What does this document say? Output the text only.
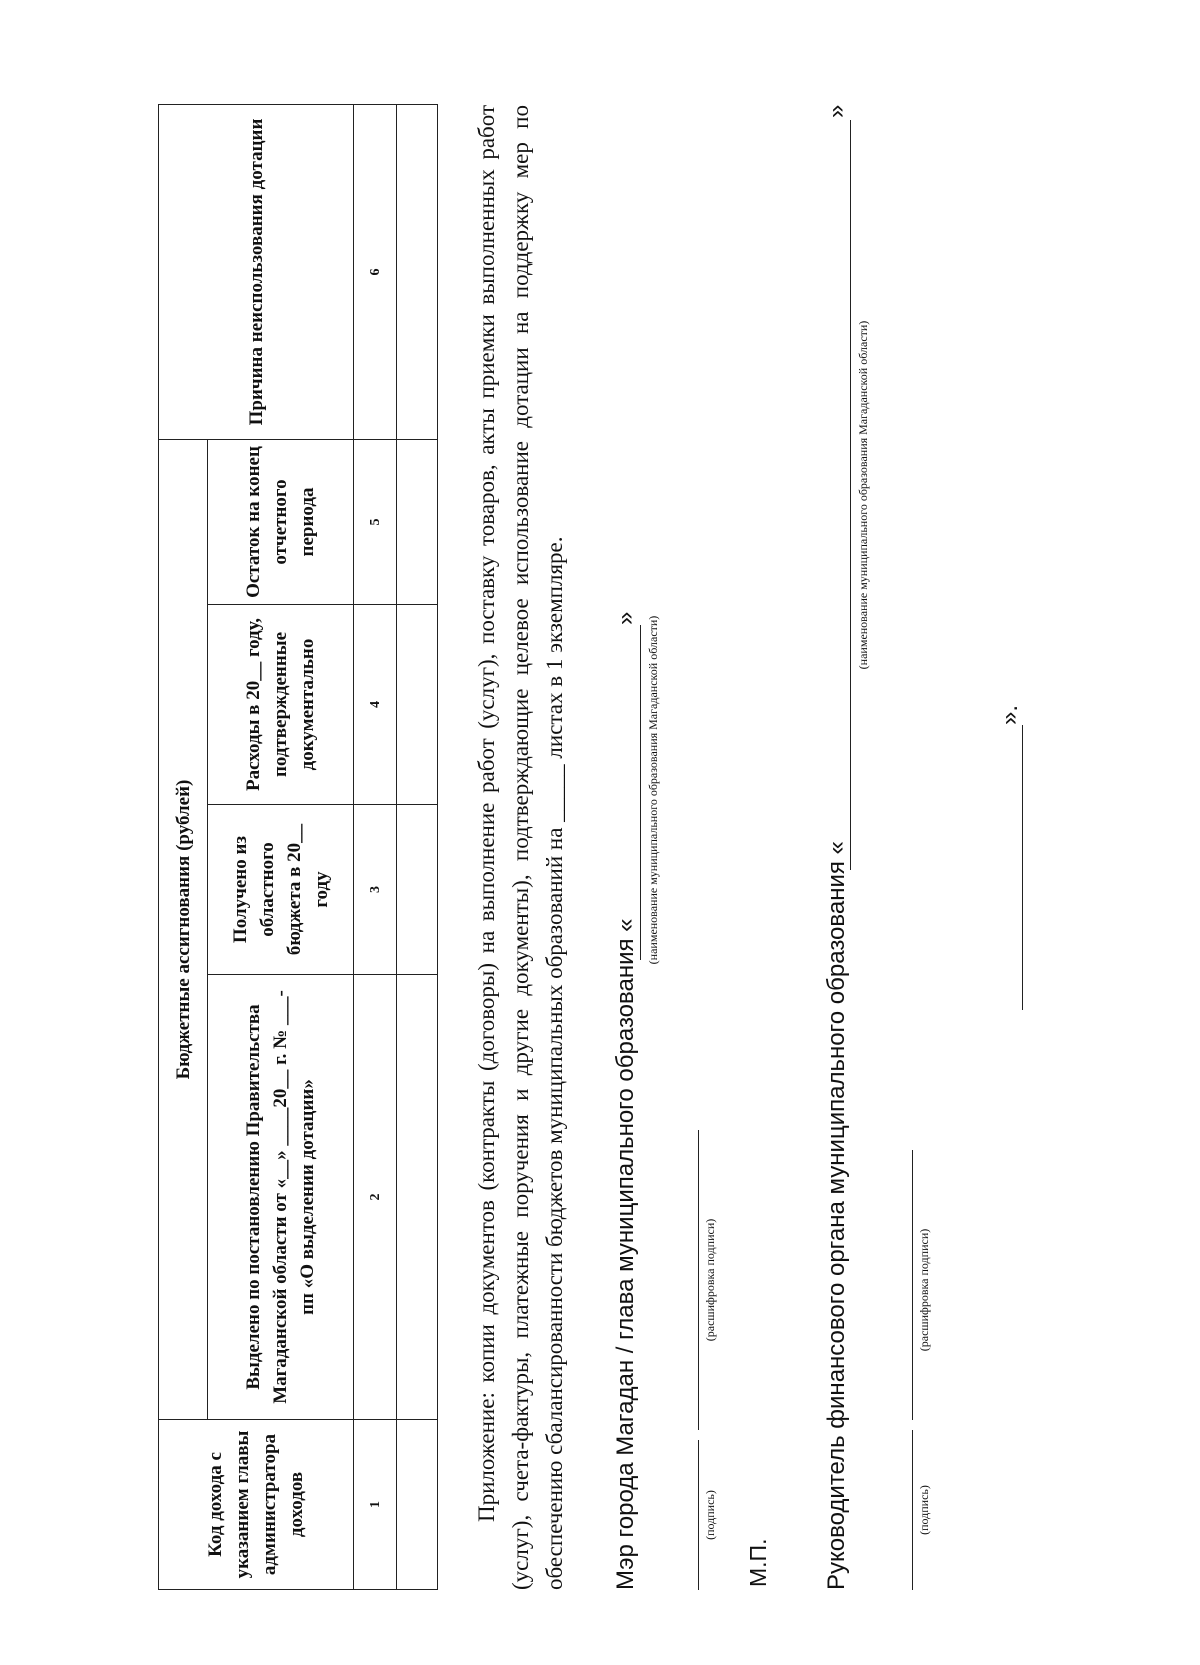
Код дохода с указанием главы администратора доходов	Бюджетные ассигнования (рублей)				Причина неиспользования дотации
	Выделено по постановлению Правительства Магаданской области от «__» ____20__ г. № ___-пп «О выделении дотации»	Получено из областного бюджета в 20__ году	Расходы в 20__ году, подтвержденные документально	Остаток на конец отчетного периода	
1	2	3	4	5	6
						Приложение: копии документов (контракты (договоры) на выполнение работ (услуг), поставку товаров, акты приемки выполненных работ (услуг), счета-фактуры, платежные поручения и другие документы), подтверждающие целевое использование дотации на поддержку мер по обеспечению сбалансированности бюджетов муниципальных образований на _____ листах в 1 экземпляре. Мэр города Магадан / глава муниципального образования «
» (наименование муниципального образования Магаданской области)
(подпись)
(расшифровка подписи)
М.П. Руководитель финансового органа муниципального образования «
»
(наименование муниципального образования Магаданской области)
(подпись)
(расшифровка подписи)
».
